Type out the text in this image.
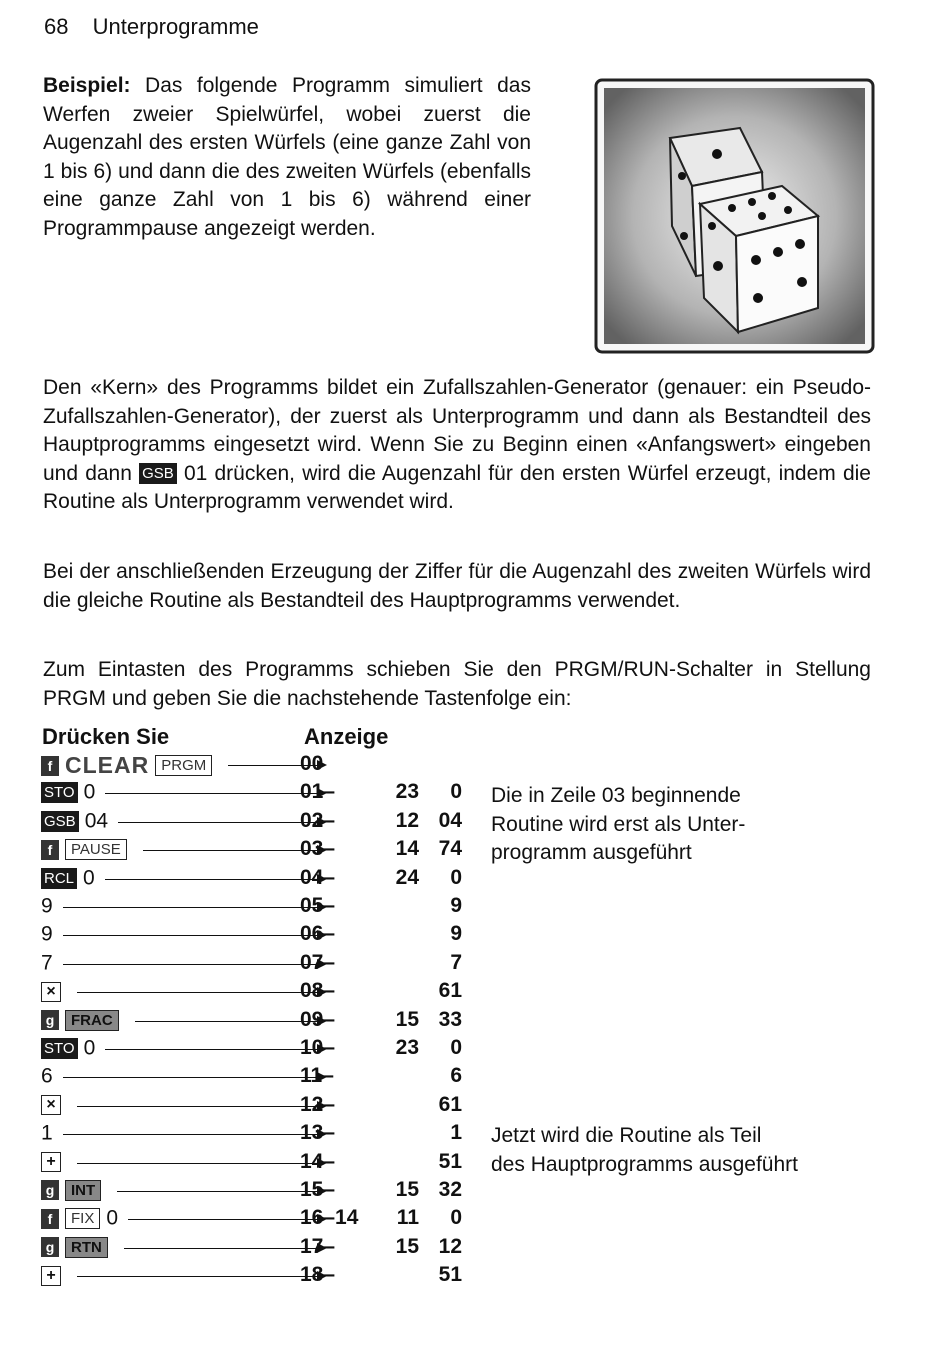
68 Unterprogramme
Beispiel: Das folgende Programm simuliert das Werfen zweier Spielwürfel, wobei zuerst die Augenzahl des ersten Würfels (eine ganze Zahl von 1 bis 6) und dann die des zweiten Würfels (ebenfalls eine ganze Zahl von 1 bis 6) während einer Programmpause angezeigt werden.
Den «Kern» des Programms bildet ein Zufallszahlen-Generator (genauer: ein Pseudo-Zufallszahlen-Generator), der zuerst als Unterprogramm und dann als Bestandteil des Hauptprogramms eingesetzt wird. Wenn Sie zu Beginn einen «Anfangswert» eingeben und dann GSB 01 drücken, wird die Augenzahl für den ersten Würfel erzeugt, indem die Routine als Unterprogramm verwendet wird.
Bei der anschließenden Erzeugung der Ziffer für die Augenzahl des zweiten Würfels wird die gleiche Routine als Bestandteil des Hauptprogramms verwendet.
Zum Eintasten des Programms schieben Sie den PRGM/RUN-Schalter in Stellung PRGM und geben Sie die nachstehende Tastenfolge ein:
Drücken Sie	Anzeige
f CLEAR PRGM	00
STO 0	01–	23	0
GSB 04	02–	12 04
f PAUSE	03–	14 74
RCL 0	04–	24	0
9	05–	9
9	06–	9
7	07–	7
×	08–	61
g FRAC	09–	15 33
STO 0	10–	23	0
6	11–	6
×	12–	61
1	13–	1
+	14–	51
g INT	15–	15 32
f FIX 0	16–14	11	0
g RTN	17–	15 12
+	18–	51
Die in Zeile 03 beginnende
Routine wird erst als Unter-
programm ausgeführt
Jetzt wird die Routine als Teil
des Hauptprogramms ausgeführt
